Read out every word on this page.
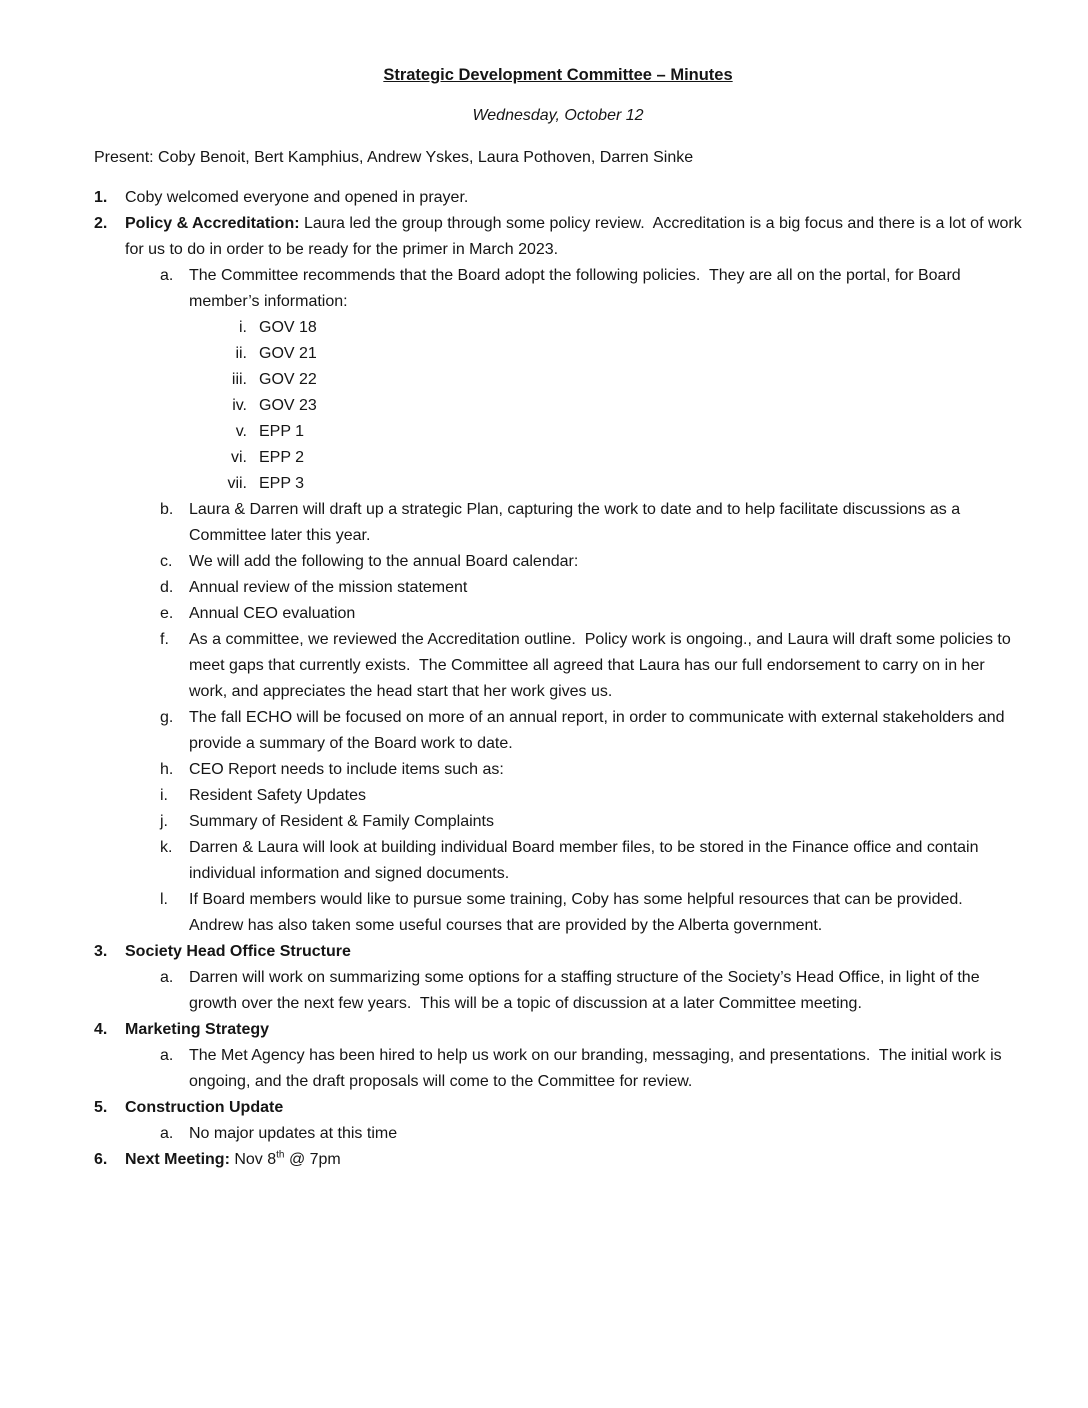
Strategic Development Committee – Minutes
Wednesday, October 12
Present: Coby Benoit, Bert Kamphius, Andrew Yskes, Laura Pothoven, Darren Sinke
1.	Coby welcomed everyone and opened in prayer.
2.	Policy & Accreditation: Laura led the group through some policy review.  Accreditation is a big focus and there is a lot of work for us to do in order to be ready for the primer in March 2023.
a. The Committee recommends that the Board adopt the following policies.  They are all on the portal, for Board member’s information:
i. GOV 18
ii. GOV 21
iii. GOV 22
iv. GOV 23
v. EPP 1
vi. EPP 2
vii. EPP 3
b. Laura & Darren will draft up a strategic Plan, capturing the work to date and to help facilitate discussions as a Committee later this year.
c.	We will add the following to the annual Board calendar:
d. Annual review of the mission statement
e. Annual CEO evaluation
f.	As a committee, we reviewed the Accreditation outline.  Policy work is ongoing., and Laura will draft some policies to meet gaps that currently exists.  The Committee all agreed that Laura has our full endorsement to carry on in her work, and appreciates the head start that her work gives us.
g. The fall ECHO will be focused on more of an annual report, in order to communicate with external stakeholders and provide a summary of the Board work to date.
h. CEO Report needs to include items such as:
i.	Resident Safety Updates
j.	Summary of Resident & Family Complaints
k.	Darren & Laura will look at building individual Board member files, to be stored in the Finance office and contain individual information and signed documents.
l.	If Board members would like to pursue some training, Coby has some helpful resources that can be provided.  Andrew has also taken some useful courses that are provided by the Alberta government.
3.	Society Head Office Structure
a. Darren will work on summarizing some options for a staffing structure of the Society’s Head Office, in light of the growth over the next few years.  This will be a topic of discussion at a later Committee meeting.
4.	Marketing Strategy
a. The Met Agency has been hired to help us work on our branding, messaging, and presentations.  The initial work is ongoing, and the draft proposals will come to the Committee for review.
5.	Construction Update
a. No major updates at this time
6.	Next Meeting: Nov 8th @ 7pm
